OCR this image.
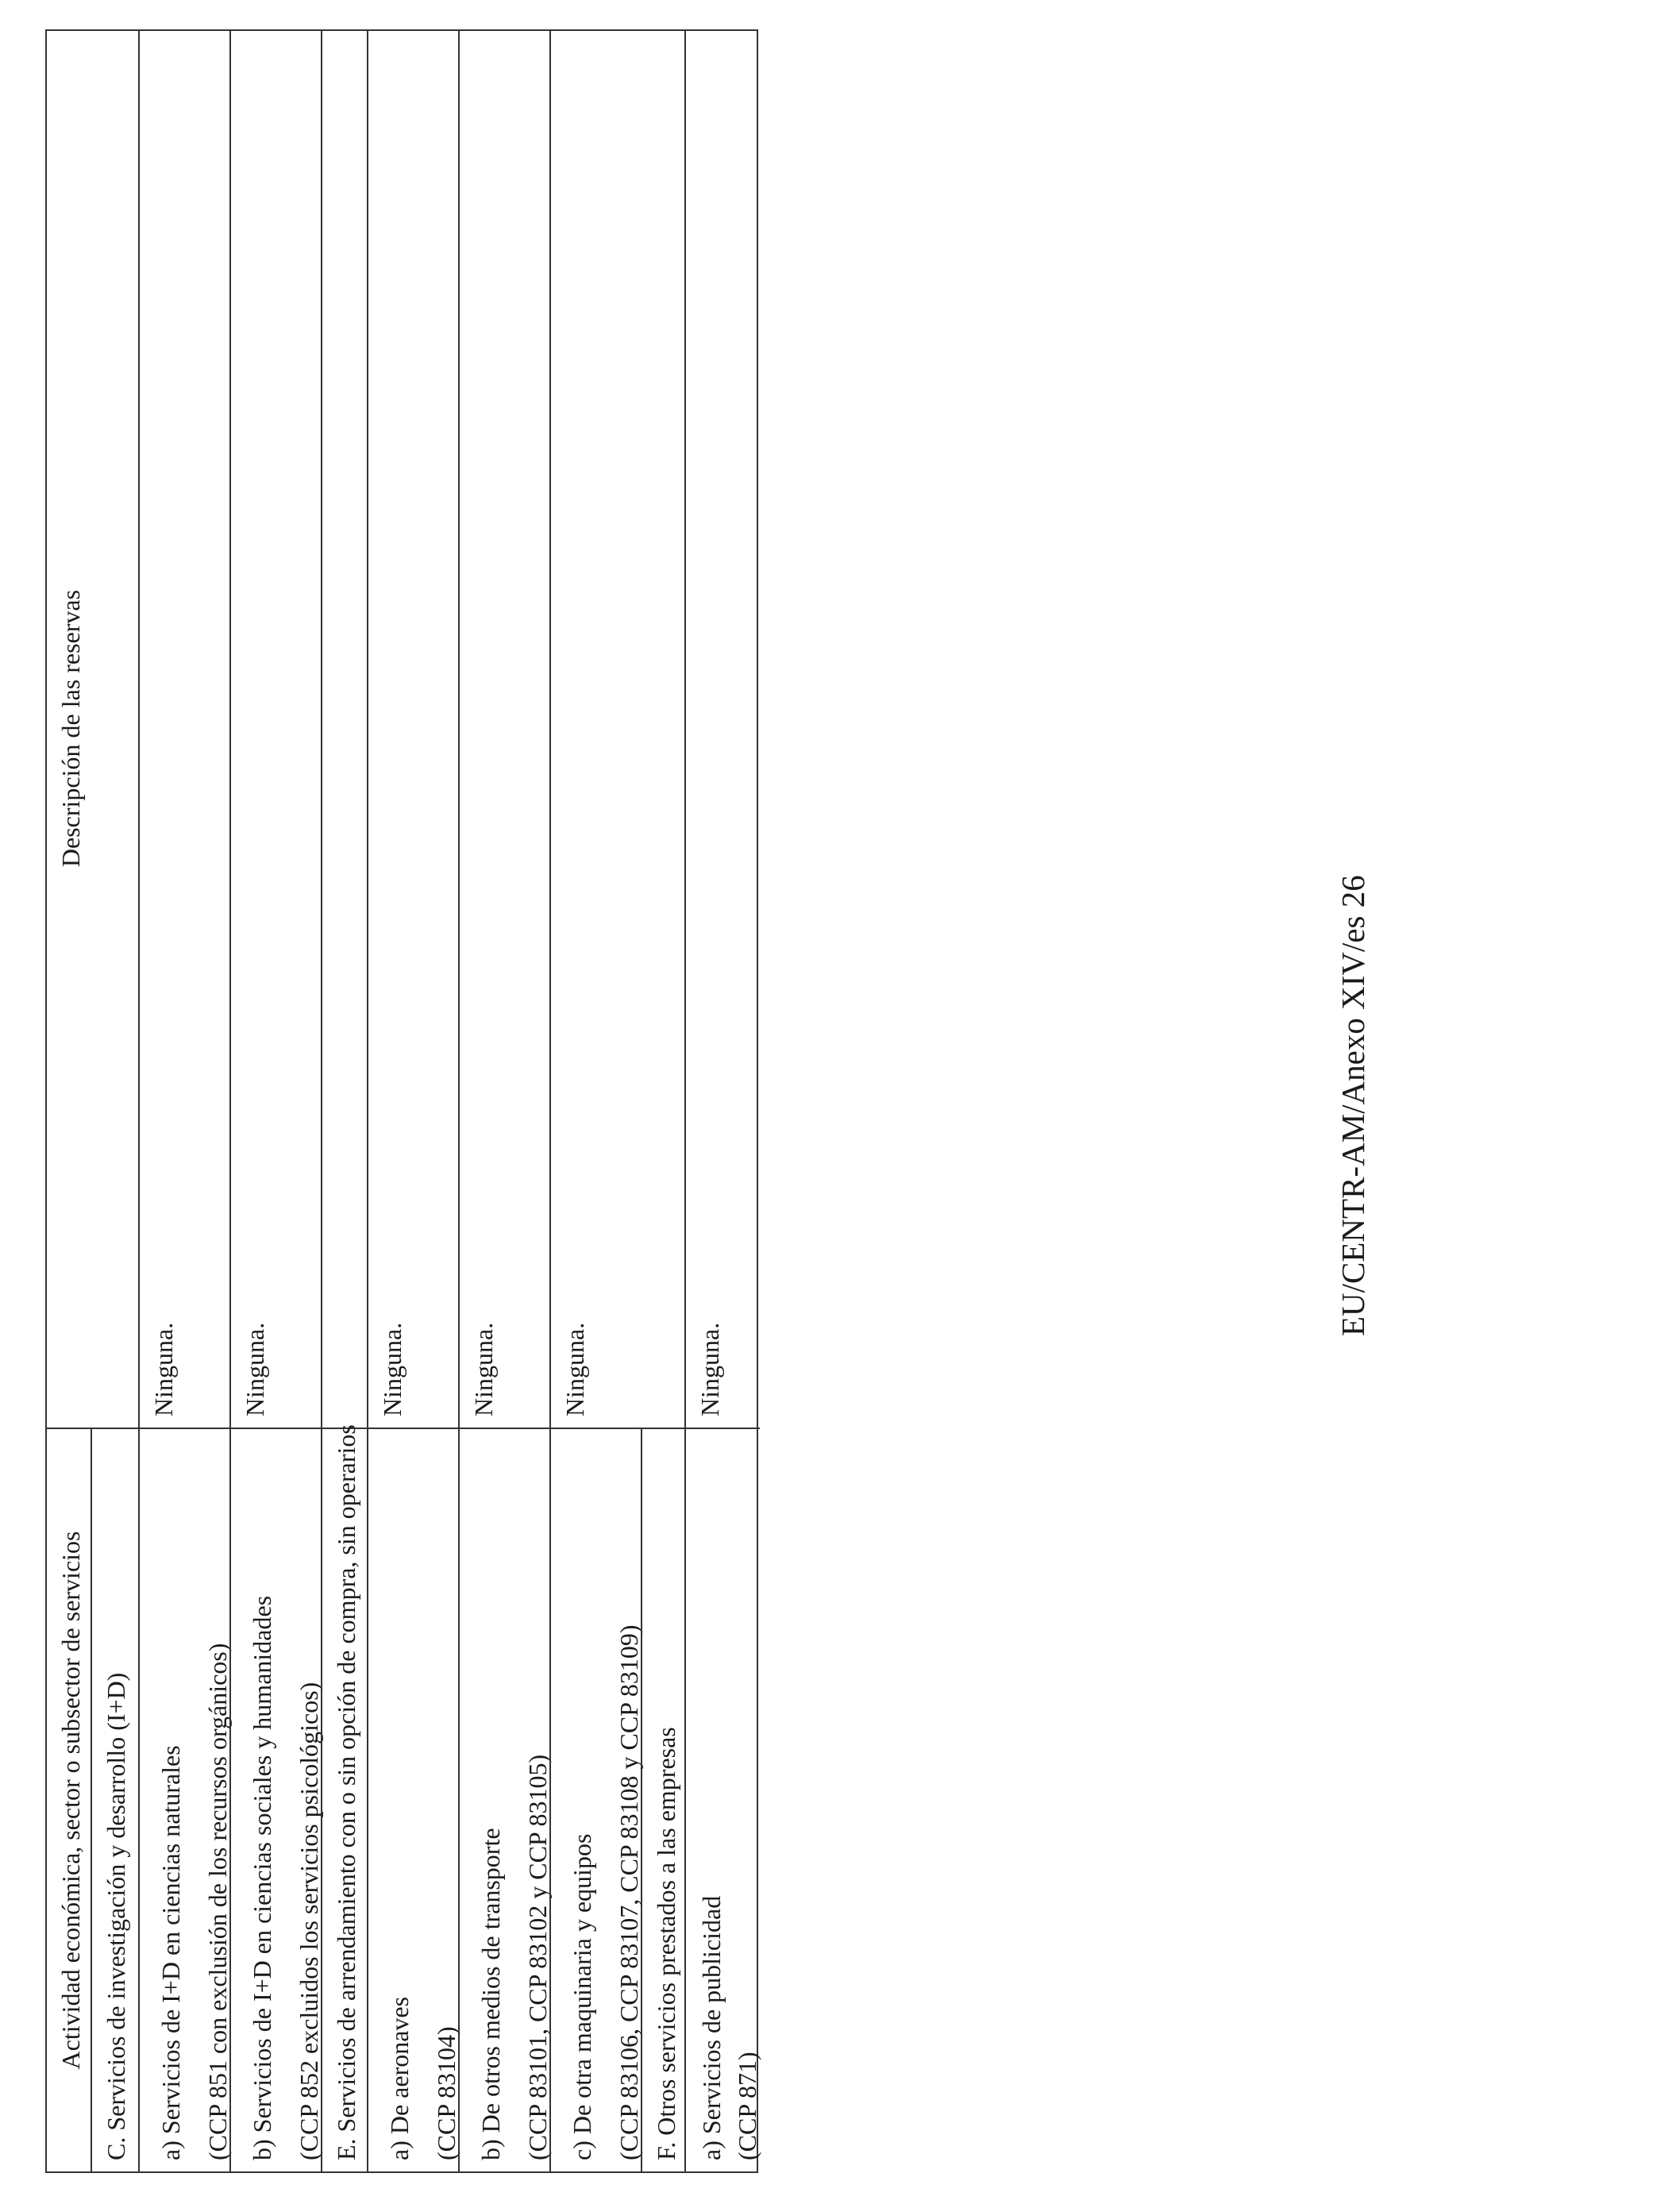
Actividad económica, sector o subsector de servicios
Descripción de las reservas
C. Servicios de investigación y desarrollo (I+D)	a) Servicios de I+D en ciencias naturales (CCP 851 con exclusión de los recursos orgánicos)
Ninguna.
b) Servicios de I+D en ciencias sociales y humanidades (CCP 852 excluidos los servicios psicológicos)
Ninguna.
E. Servicios de arrendamiento con o sin opción de compra, sin operarios a) De aeronaves (CCP 83104)
Ninguna.
b) De otros medios de transporte (CCP 83101, CCP 83102 y CCP 83105)
Ninguna.
c) De otra maquinaria y equipos (CCP 83106, CCP 83107, CCP 83108 y CCP 83109)
Ninguna.
F. Otros servicios prestados a las empresas a) Servicios de publicidad (CCP 871)
Ninguna.
EU/CENTR-AM/Anexo XIV/es 26
